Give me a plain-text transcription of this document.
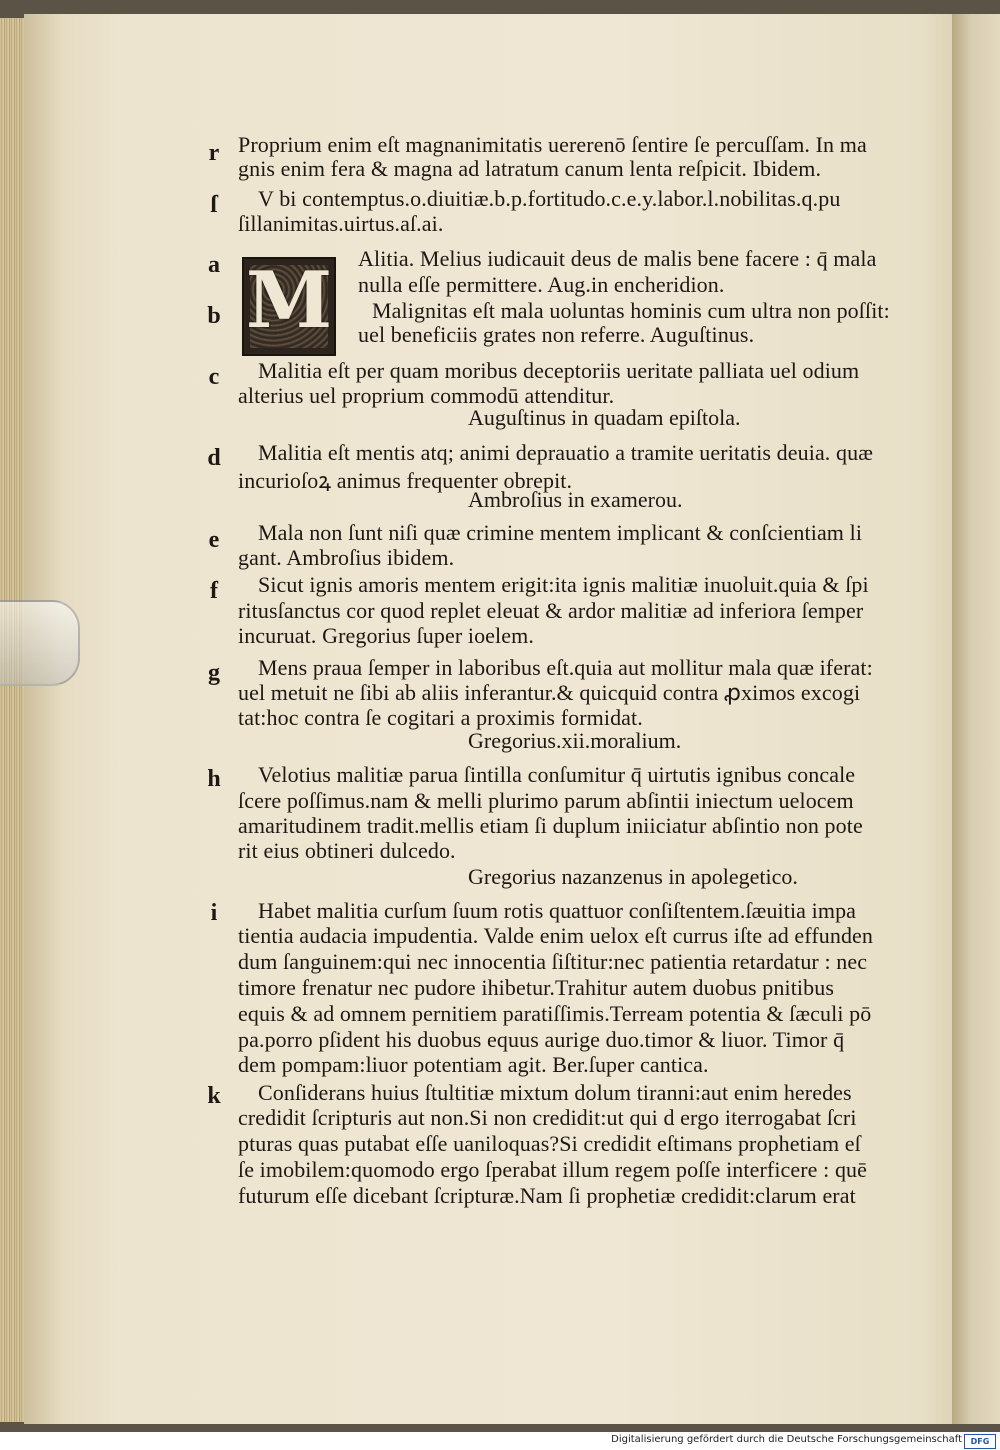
r
ſ
a
b
c
d
e
f
g
h
i
k
M
Proprium enim eſt magnanimitatis uererenō ſentire ſe percuſſam. In ma
gnis enim fera & magna ad latratum canum lenta reſpicit. Ibidem.
V bi contemptus.o.diuitiæ.b.p.fortitudo.c.e.y.labor.l.nobilitas.q.pu
ſillanimitas.uirtus.aſ.ai.
Alitia. Melius iudicauit deus de malis bene facere : q̄ mala
nulla eſſe permittere. Aug.in encheridion.
Malignitas eſt mala uoluntas hominis cum ultra non poſſit:
uel beneficiis grates non referre. Auguſtinus.
Malitia eſt per quam moribus deceptoriis ueritate palliata uel odium
alterius uel proprium commodū attenditur.
Auguſtinus in quadam epiſtola.
Malitia eſt mentis atq; animi deprauatio a tramite ueritatis deuia. quæ
incurioſoꝝ animus frequenter obrepit.
Ambroſius in examerou.
Mala non ſunt niſi quæ crimine mentem implicant & conſcientiam li
gant. Ambroſius ibidem.
Sicut ignis amoris mentem erigit:ita ignis malitiæ inuoluit.quia & ſpi
ritusſanctus cor quod replet eleuat & ardor malitiæ ad inferiora ſemper
incuruat. Gregorius ſuper ioelem.
Mens praua ſemper in laboribus eſt.quia aut mollitur mala quæ iferat:
uel metuit ne ſibi ab aliis inferantur.& quicquid contra ꝓximos excogi
tat:hoc contra ſe cogitari a proximis formidat.
Gregorius.xii.moralium.
Velotius malitiæ parua ſintilla conſumitur q̄ uirtutis ignibus concale
ſcere poſſimus.nam & melli plurimo parum abſintii iniectum uelocem
amaritudinem tradit.mellis etiam ſi duplum iniiciatur abſintio non pote
rit eius obtineri dulcedo.
Gregorius nazanzenus in apolegetico.
Habet malitia curſum ſuum rotis quattuor conſiſtentem.ſæuitia impa
tientia audacia impudentia. Valde enim uelox eſt currus iſte ad effunden
dum ſanguinem:qui nec innocentia ſiſtitur:nec patientia retardatur : nec
timore frenatur nec pudore ihibetur.Trahitur autem duobus pnitibus
equis & ad omnem pernitiem paratiſſimis.Terream potentia & ſæculi pō
pa.porro pſident his duobus equus aurige duo.timor & liuor. Timor q̄
dem pompam:liuor potentiam agit. Ber.ſuper cantica.
Conſiderans huius ſtultitiæ mixtum dolum tiranni:aut enim heredes
credidit ſcripturis aut non.Si non credidit:ut qui d ergo iterrogabat ſcri
pturas quas putabat eſſe uaniloquas?Si credidit eſtimans prophetiam eſ
ſe imobilem:quomodo ergo ſperabat illum regem poſſe interficere : quē
futurum eſſe dicebant ſcripturæ.Nam ſi prophetiæ credidit:clarum erat
Digitalisierung gefördert durch die Deutsche Forschungsgemeinschaft	DFG
